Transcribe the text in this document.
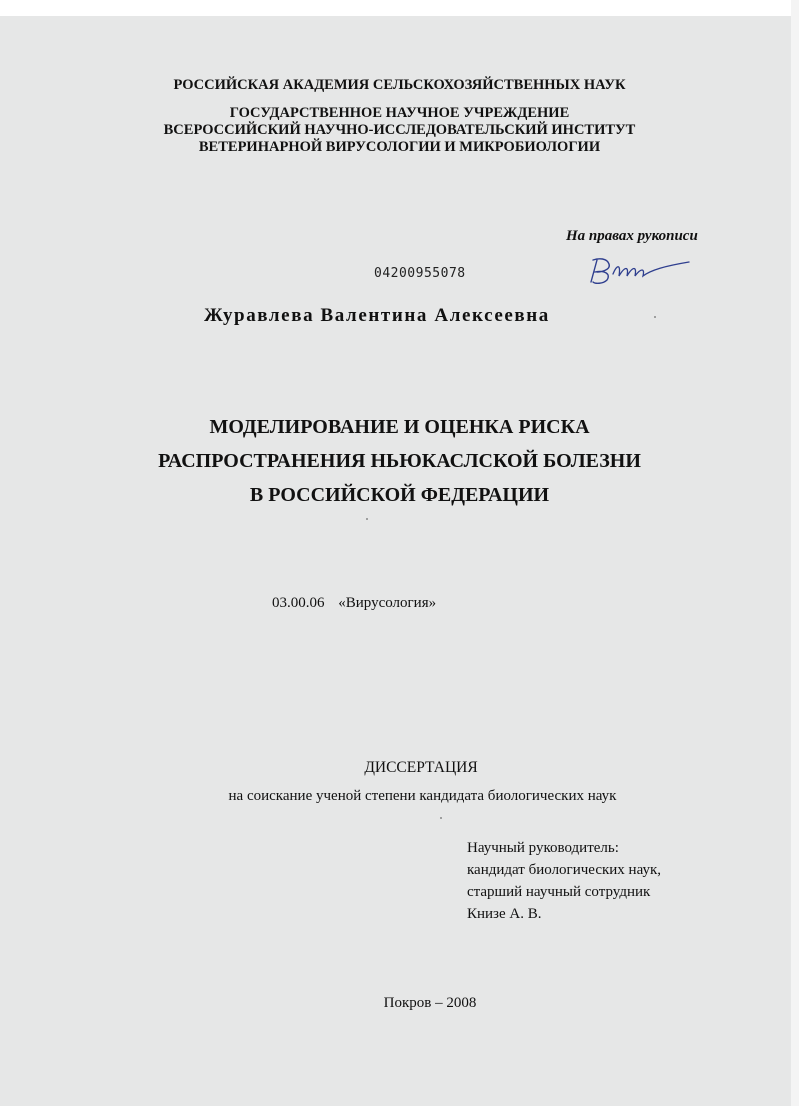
РОССИЙСКАЯ АКАДЕМИЯ СЕЛЬСКОХОЗЯЙСТВЕННЫХ НАУК
ГОСУДАРСТВЕННОЕ НАУЧНОЕ УЧРЕЖДЕНИЕ
ВСЕРОССИЙСКИЙ НАУЧНО-ИССЛЕДОВАТЕЛЬСКИЙ ИНСТИТУТ
ВЕТЕРИНАРНОЙ ВИРУСОЛОГИИ И МИКРОБИОЛОГИИ
На правах рукописи
04200955078
Журавлева Валентина Алексеевна
МОДЕЛИРОВАНИЕ И ОЦЕНКА РИСКА
РАСПРОСТРАНЕНИЯ НЬЮКАСЛСКОЙ БОЛЕЗНИ
В РОССИЙСКОЙ ФЕДЕРАЦИИ
03.00.06 «Вирусология»
ДИССЕРТАЦИЯ
на соискание ученой степени кандидата биологических наук
Научный руководитель:
кандидат биологических наук,
старший научный сотрудник
Книзе А. В.
Покров – 2008
